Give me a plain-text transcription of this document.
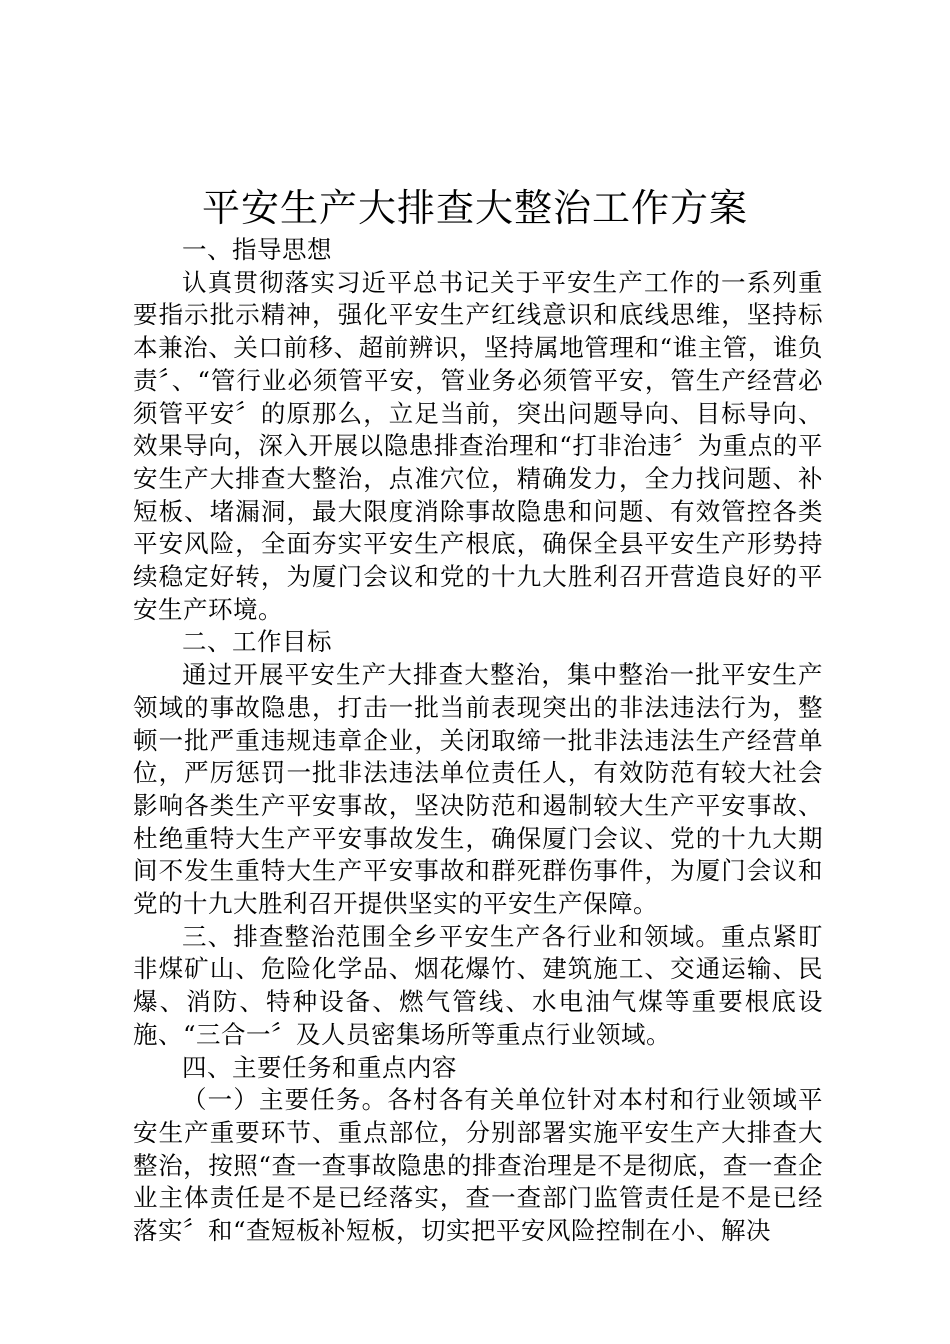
平安生产大排查大整治工作方案

一、指导思想

认真贯彻落实习近平总书记关于平安生产工作的一系列重要指示批示精神，强化平安生产红线意识和底线思维，坚持标本兼治、关口前移、超前辨识，坚持属地管理和“谁主管，谁负责〞、“管行业必须管平安，管业务必须管平安，管生产经营必须管平安〞的原那么，立足当前，突出问题导向、目标导向、效果导向，深入开展以隐患排查治理和“打非治违〞为重点的平安生产大排查大整治，点准穴位，精确发力，全力找问题、补短板、堵漏洞，最大限度消除事故隐患和问题、有效管控各类平安风险，全面夯实平安生产根底，确保全县平安生产形势持续稳定好转，为厦门会议和党的十九大胜利召开营造良好的平安生产环境。

二、工作目标

通过开展平安生产大排查大整治，集中整治一批平安生产领域的事故隐患，打击一批当前表现突出的非法违法行为，整顿一批严重违规违章企业，关闭取缔一批非法违法生产经营单位，严厉惩罚一批非法违法单位责任人，有效防范有较大社会影响各类生产平安事故，坚决防范和遏制较大生产平安事故、杜绝重特大生产平安事故发生，确保厦门会议、党的十九大期间不发生重特大生产平安事故和群死群伤事件，为厦门会议和党的十九大胜利召开提供坚实的平安生产保障。

三、排查整治范围全乡平安生产各行业和领域。重点紧盯非煤矿山、危险化学品、烟花爆竹、建筑施工、交通运输、民爆、消防、特种设备、燃气管线、水电油气煤等重要根底设施、“三合一〞及人员密集场所等重点行业领域。

四、主要任务和重点内容

（一）主要任务。各村各有关单位针对本村和行业领域平安生产重要环节、重点部位，分别部署实施平安生产大排查大整治，按照“查一查事故隐患的排查治理是不是彻底，查一查企业主体责任是不是已经落实，查一查部门监管责任是不是已经落实〞和“查短板补短板，切实把平安风险控制在小、解决
